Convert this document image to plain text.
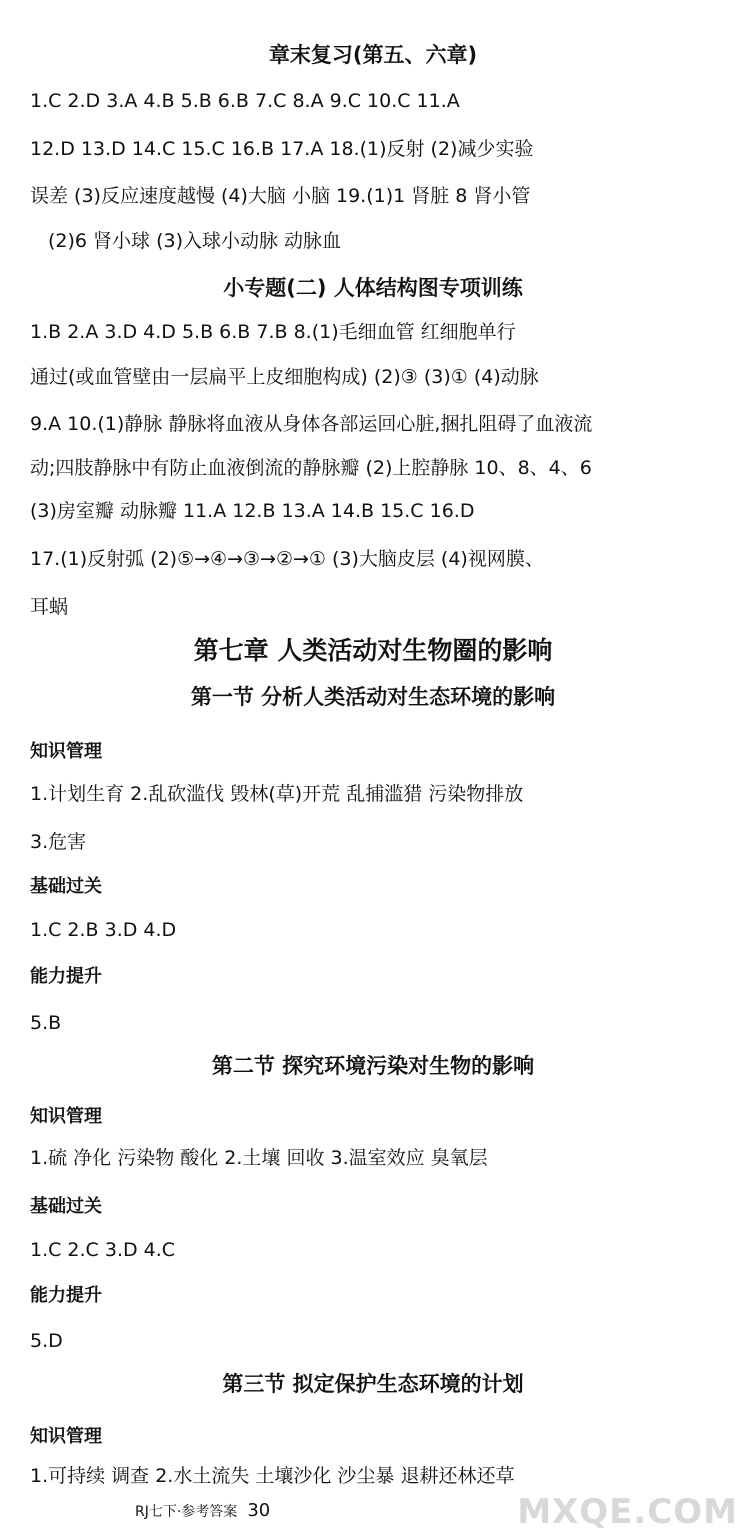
章末复习(第五、六章)
1.C 2.D 3.A 4.B 5.B 6.B 7.C 8.A 9.C 10.C 11.A
12.D 13.D 14.C 15.C 16.B 17.A 18.(1)反射 (2)减少实验
误差 (3)反应速度越慢 (4)大脑 小脑 19.(1)1 肾脏 8 肾小管
(2)6 肾小球 (3)入球小动脉 动脉血
小专题(二) 人体结构图专项训练
1.B 2.A 3.D 4.D 5.B 6.B 7.B 8.(1)毛细血管 红细胞单行
通过(或血管壁由一层扁平上皮细胞构成) (2)③ (3)① (4)动脉
9.A 10.(1)静脉 静脉将血液从身体各部运回心脏,捆扎阻碍了血液流
动;四肢静脉中有防止血液倒流的静脉瓣 (2)上腔静脉 10、8、4、6
(3)房室瓣 动脉瓣 11.A 12.B 13.A 14.B 15.C 16.D
17.(1)反射弧 (2)⑤→④→③→②→① (3)大脑皮层 (4)视网膜、
耳蜗
第七章 人类活动对生物圈的影响
第一节 分析人类活动对生态环境的影响
知识管理
1.计划生育 2.乱砍滥伐 毁林(草)开荒 乱捕滥猎 污染物排放
3.危害
基础过关
1.C 2.B 3.D 4.D
能力提升
5.B
第二节 探究环境污染对生物的影响
知识管理
1.硫 净化 污染物 酸化 2.土壤 回收 3.温室效应 臭氧层
基础过关
1.C 2.C 3.D 4.C
能力提升
5.D
第三节 拟定保护生态环境的计划
知识管理
1.可持续 调查 2.水土流失 土壤沙化 沙尘暴 退耕还林还草
RJ七下·参考答案 30	MXQE.COM
